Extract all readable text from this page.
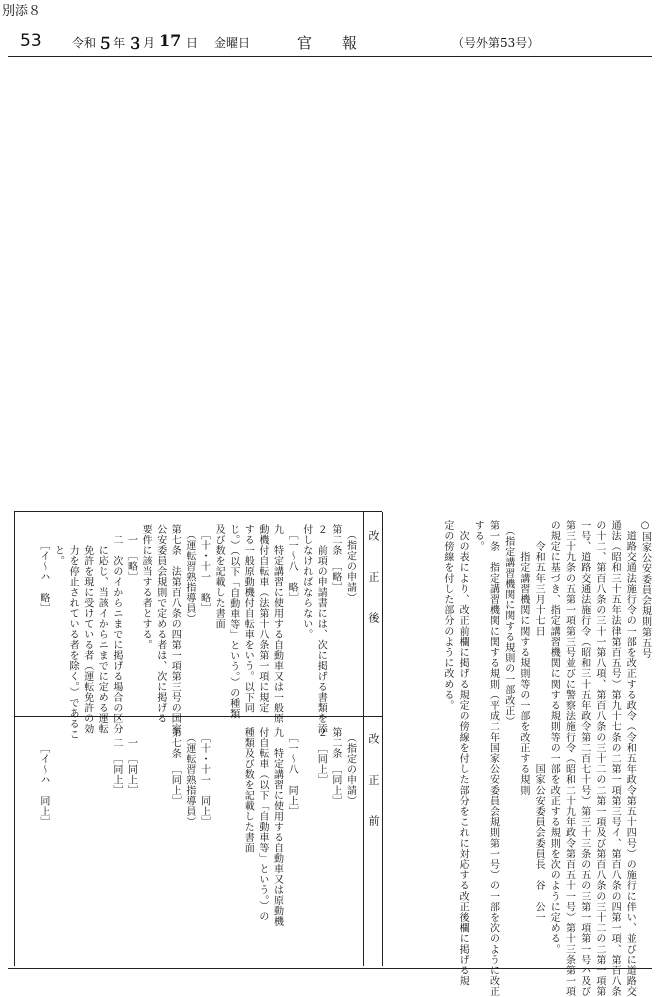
別添８
53	令和 ５ 年 ３ 月 17 日 金曜日	官　　報	（号外第53号）
○国家公安委員会規則第五号
　道路交通法施行令の一部を改正する政令（令和五年政令第五十四号）の施行に伴い、並びに道路交
通法（昭和三十五年法律第百五号）第九十七条の二第一項第三号イ、第百八条の四第一項、第百八条
の十二、第百八条の三十一第八項、第百八条の三十二の二第一項及び第百八条の三十二の二第一項第
一号、道路交通法施行令（昭和三十五年政令第二百七十号）第三十三条の五の三第一項第一号ハ及び
第三十九条の五第一項第三号並びに警察法施行令（昭和二十九年政令第百五十一号）第十三条第一項
の規定に基づき、指定講習機関に関する規則等の一部を改正する規則を次のように定める。
　　令和五年三月十七日　　　　　　　　　　　　国家公安委員会委員長　谷　公一
　　　指定講習機関に関する規則等の一部を改正する規則
　（指定講習機関に関する規則の一部改正）
第一条　指定講習機関に関する規則（平成二年国家公安委員会規則第一号）の一部を次のように改正
する。
　次の表により、改正前欄に掲げる規定の傍線を付した部分をこれに対応する改正後欄に掲げる規
定の傍線を付した部分のように改める。
改正後
改正前
　（指定の申請）
第二条　［略］
２　前項の申請書には、次に掲げる書類を添
付しなければならない。
　［一～八　略］
九　特定講習に使用する自動車又は一般原
動機付自転車（法第十八条第一項に規定
する一般原動機付自転車をいう。以下同
じ。）（以下「自動車等」という。）の種類
及び数を記載した書面
　［十・十一　略］
　（運転習熟指導員）
第七条　法第百八条の四第一項第三号の国家
公安委員会規則で定める者は、次に掲げる
要件に該当する者とする。
　一　［略］
　二　次のイからニまでに掲げる場合の区分
　　に応じ、当該イからニまでに定める運転
　　免許を現に受けている者（運転免許の効
　　力を停止されている者を除く。）であるこ
　　と。
　　［イ～ハ　略］
　（指定の申請）
第二条　［同上］
２　［同上］
　［一～八　同上］
九　特定講習に使用する自動車又は原動機
付自転車（以下「自動車等」という。）の
種類及び数を記載した書面
　［十・十一　同上］
　（運転習熟指導員）
第七条　［同上］
　一　［同上］
　二　［同上］
　　［イ～ハ　同上］
